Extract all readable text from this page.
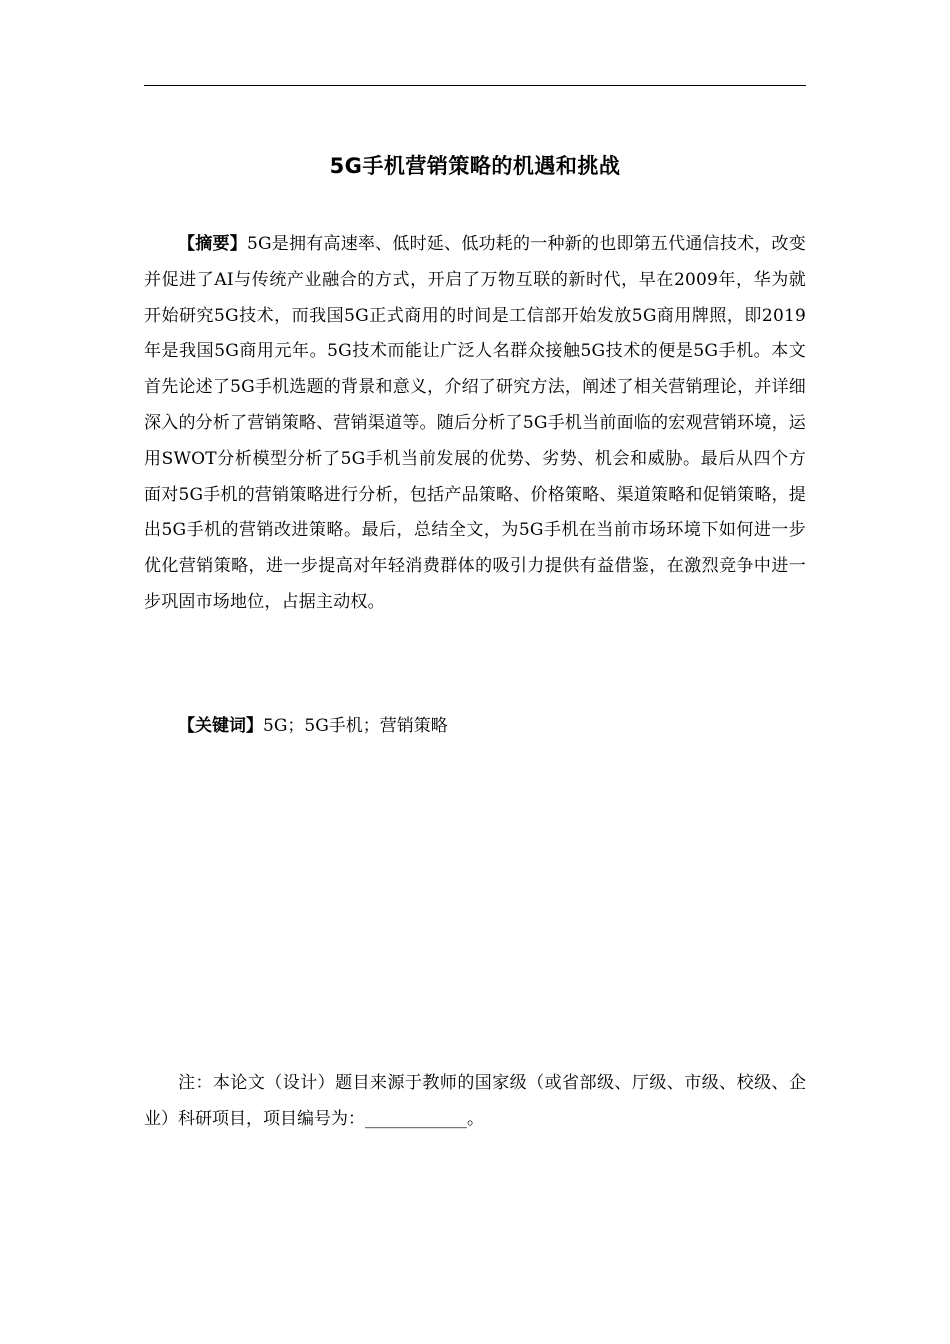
5G手机营销策略的机遇和挑战
【摘要】5G是拥有高速率、低时延、低功耗的一种新的也即第五代通信技术，改变并促进了AI与传统产业融合的方式，开启了万物互联的新时代，早在2009年，华为就开始研究5G技术，而我国5G正式商用的时间是工信部开始发放5G商用牌照，即2019年是我国5G商用元年。5G技术而能让广泛人名群众接触5G技术的便是5G手机。本文首先论述了5G手机选题的背景和意义，介绍了研究方法，阐述了相关营销理论，并详细深入的分析了营销策略、营销渠道等。随后分析了5G手机当前面临的宏观营销环境，运用SWOT分析模型分析了5G手机当前发展的优势、劣势、机会和威胁。最后从四个方面对5G手机的营销策略进行分析，包括产品策略、价格策略、渠道策略和促销策略，提出5G手机的营销改进策略。最后，总结全文，为5G手机在当前市场环境下如何进一步优化营销策略，进一步提高对年轻消费群体的吸引力提供有益借鉴，在激烈竞争中进一步巩固市场地位，占据主动权。
【关键词】5G；5G手机；营销策略
注：本论文（设计）题目来源于教师的国家级（或省部级、厅级、市级、校级、企业）科研项目，项目编号为：____________。
